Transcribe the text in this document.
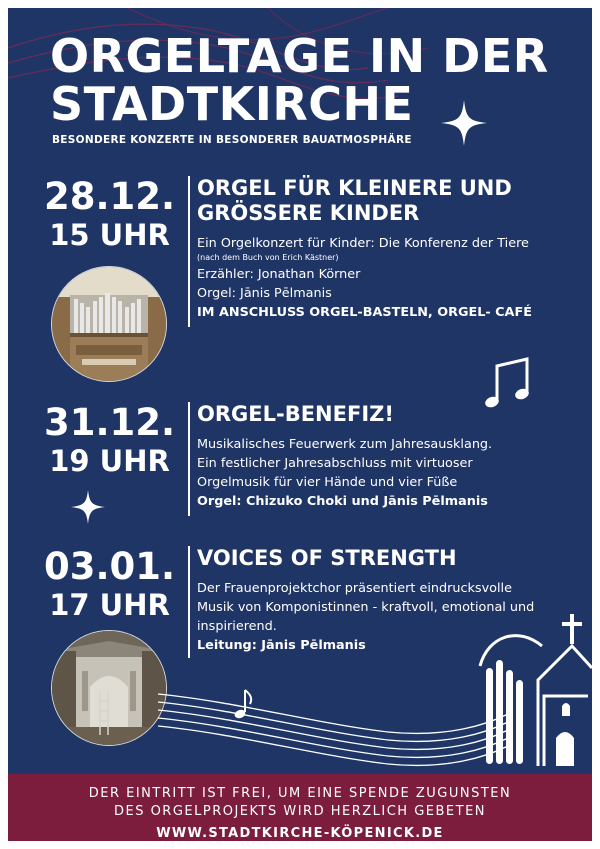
ORGELTAGE IN DER
STADTKIRCHE
BESONDERE KONZERTE IN BESONDERER BAUATMOSPHÄRE
28.12.
15 UHR
ORGEL FÜR KLEINERE UND
GRÖSSERE KINDER

Ein Orgelkonzert für Kinder: Die Konferenz der Tiere

(nach dem Buch von Erich Kästner)

Erzähler: Jonathan Körner

Orgel: Jānis Pēlmanis

IM ANSCHLUSS ORGEL-BASTELN, ORGEL- CAFÉ

31.12.
19 UHR
ORGEL-BENEFIZ!

Musikalisches Feuerwerk zum Jahresausklang.

Ein festlicher Jahresabschluss mit virtuoser

Orgelmusik für vier Hände und vier Füße

Orgel: Chizuko Choki und Jānis Pēlmanis

03.01.
17 UHR
VOICES OF STRENGTH

Der Frauenprojektchor präsentiert eindrucksvolle

Musik von Komponistinnen - kraftvoll, emotional und

inspirierend.

Leitung: Jānis Pēlmanis

DER EINTRITT IST FREI, UM EINE SPENDE ZUGUNSTEN
DES ORGELPROJEKTS WIRD HERZLICH GEBETEN
WWW.STADTKIRCHE-KÖPENICK.DE
